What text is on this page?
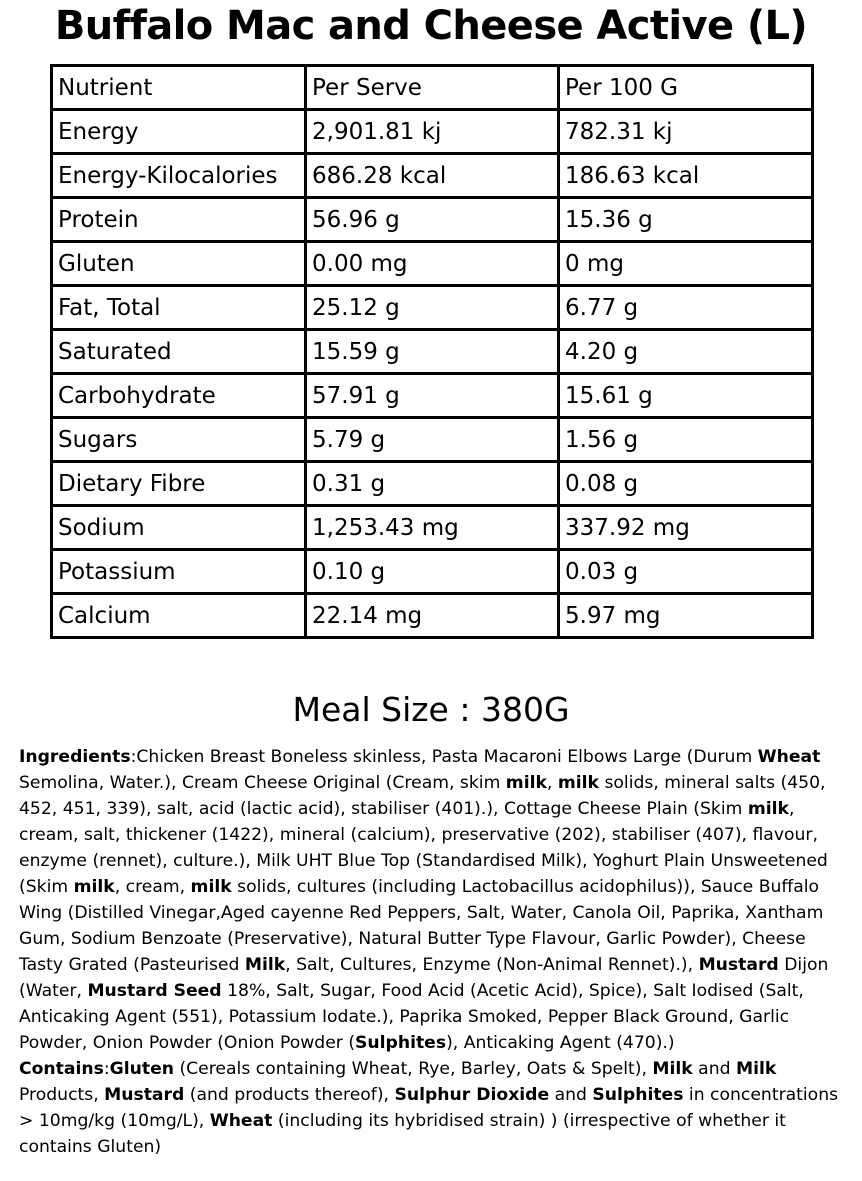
Buffalo Mac and Cheese Active (L)
Nutrient	Per Serve	Per 100 G
Energy	2,901.81 kj	782.31 kj
Energy-Kilocalories	686.28 kcal	186.63 kcal
Protein	56.96 g	15.36 g
Gluten	0.00 mg	0 mg
Fat, Total	25.12 g	6.77 g
Saturated	15.59 g	4.20 g
Carbohydrate	57.91 g	15.61 g
Sugars	5.79 g	1.56 g
Dietary Fibre	0.31 g	0.08 g
Sodium	1,253.43 mg	337.92 mg
Potassium	0.10 g	0.03 g
Calcium	22.14 mg	5.97 mg
Meal Size : 380G

Ingredients:Chicken Breast Boneless skinless, Pasta Macaroni Elbows Large (Durum Wheat Semolina, Water.), Cream Cheese Original (Cream, skim milk, milk solids, mineral salts (450, 452, 451, 339), salt, acid (lactic acid), stabiliser (401).), Cottage Cheese Plain (Skim milk, cream, salt, thickener (1422), mineral (calcium), preservative (202), stabiliser (407), flavour, enzyme (rennet), culture.), Milk UHT Blue Top (Standardised Milk), Yoghurt Plain Unsweetened (Skim milk, cream, milk solids, cultures (including Lactobacillus acidophilus)), Sauce Buffalo Wing (Distilled Vinegar,Aged cayenne Red Peppers, Salt, Water, Canola Oil, Paprika, Xantham Gum, Sodium Benzoate (Preservative), Natural Butter Type Flavour, Garlic Powder), Cheese Tasty Grated (Pasteurised Milk, Salt, Cultures, Enzyme (Non-Animal Rennet).), Mustard Dijon (Water, Mustard Seed 18%, Salt, Sugar, Food Acid (Acetic Acid), Spice), Salt Iodised (Salt, Anticaking Agent (551), Potassium Iodate.), Paprika Smoked, Pepper Black Ground, Garlic Powder, Onion Powder (Onion Powder (Sulphites), Anticaking Agent (470).)

Contains:Gluten (Cereals containing Wheat, Rye, Barley, Oats & Spelt), Milk and Milk Products, Mustard (and products thereof), Sulphur Dioxide and Sulphites in concentrations > 10mg/kg (10mg/L), Wheat (including its hybridised strain) ) (irrespective of whether it contains Gluten)
